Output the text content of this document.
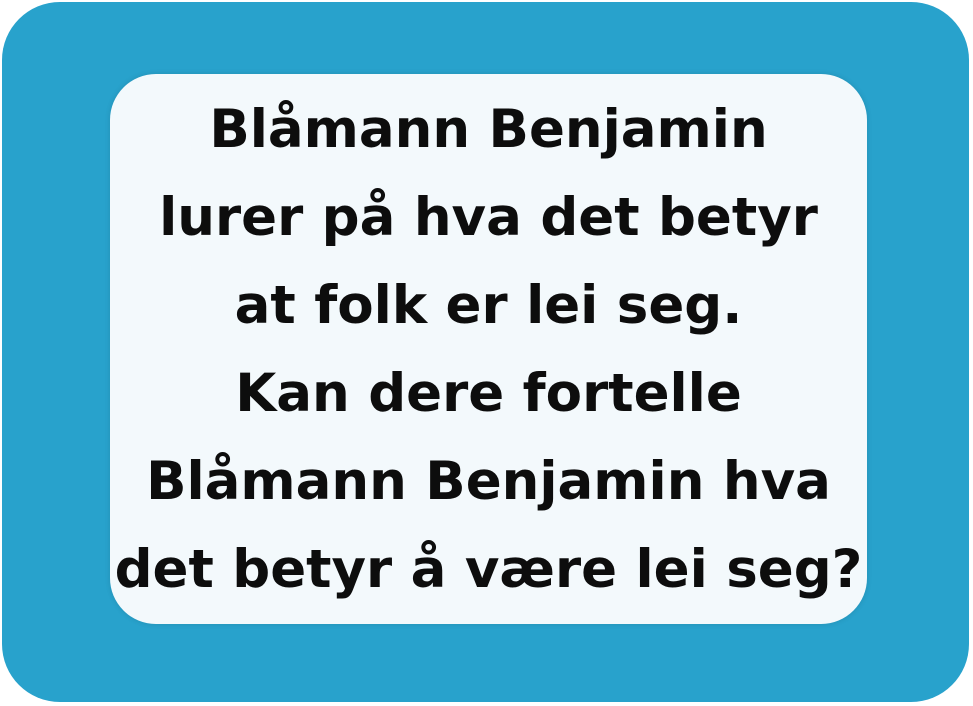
Blåmann Benjamin
lurer på hva det betyr
at folk er lei seg.
Kan dere fortelle
Blåmann Benjamin hva
det betyr å være lei seg?
